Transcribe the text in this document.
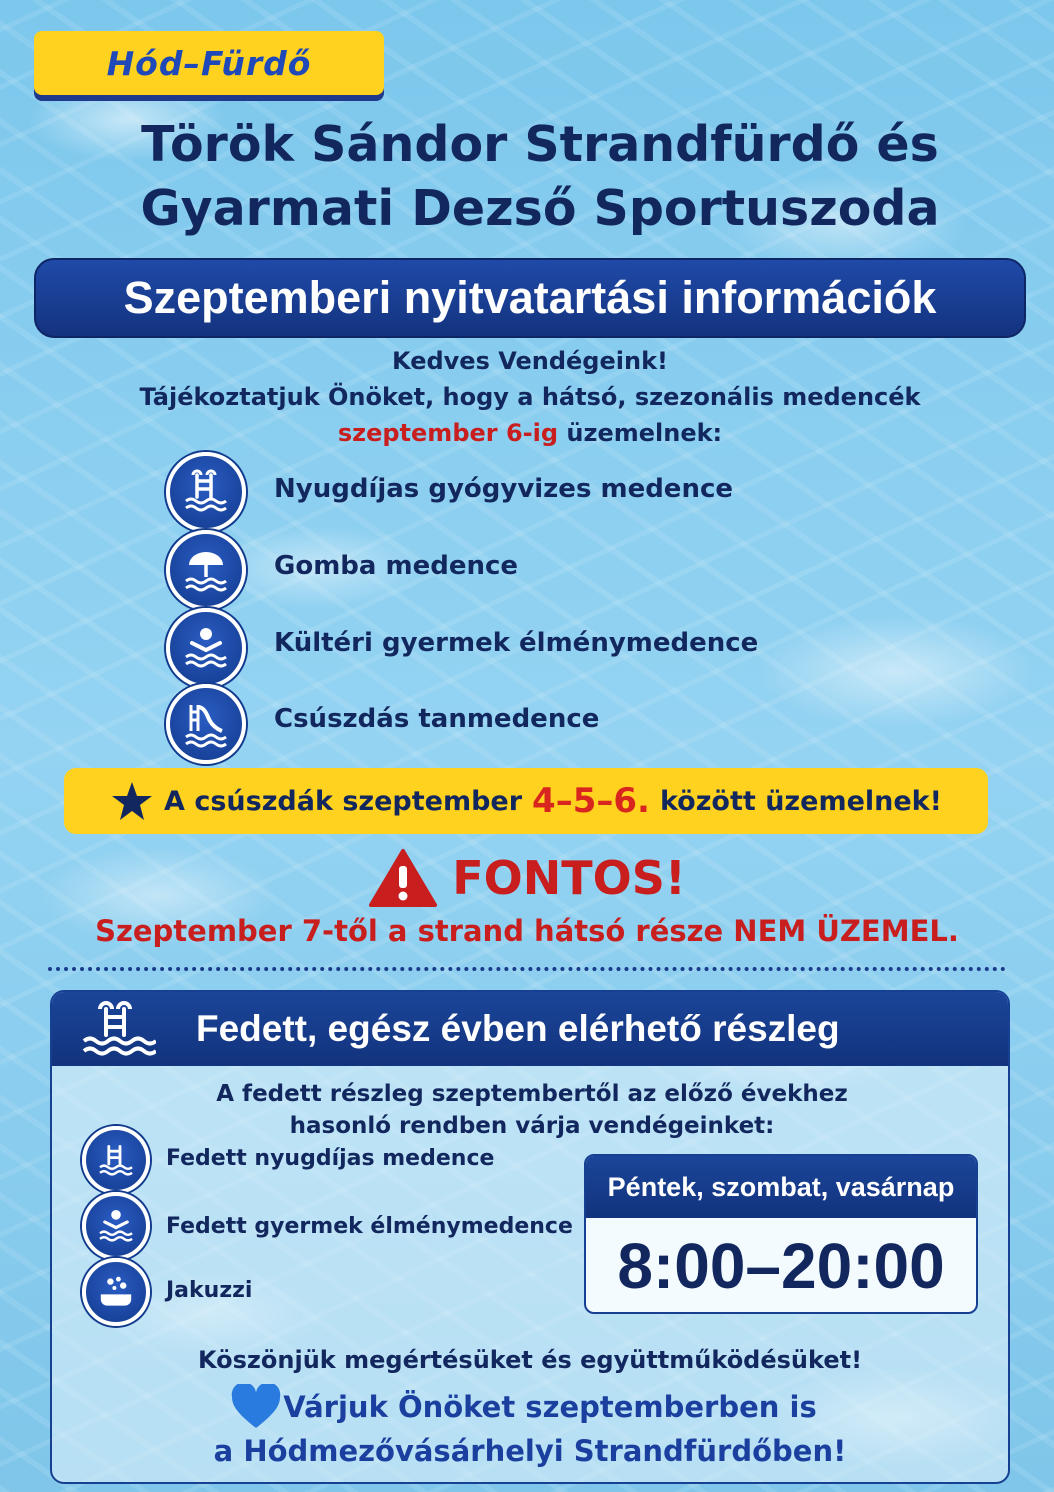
Hód–Fürdő
Török Sándor Strandfürdő és
Gyarmati Dezső Sportuszoda
Szeptemberi nyitvatartási információk
Kedves Vendégeink!
Tájékoztatjuk Önöket, hogy a hátsó, szezonális medencék
szeptember 6-ig üzemelnek:
Nyugdíjas gyógyvizes medence
Gomba medence
Kültéri gyermek élménymedence
Csúszdás tanmedence
A csúszdák szeptember 4–5–6. között üzemelnek!
FONTOS!
Szeptember 7-től a strand hátsó része NEM ÜZEMEL.
Fedett, egész évben elérhető részleg
A fedett részleg szeptembertől az előző évekhez
hasonló rendben várja vendégeinket:
Fedett nyugdíjas medence
Fedett gyermek élménymedence
Jakuzzi
Péntek, szombat, vasárnap
8:00–20:00
Köszönjük megértésüket és együttműködésüket!
Várjuk Önöket szeptemberben is
a Hódmezővásárhelyi Strandfürdőben!
